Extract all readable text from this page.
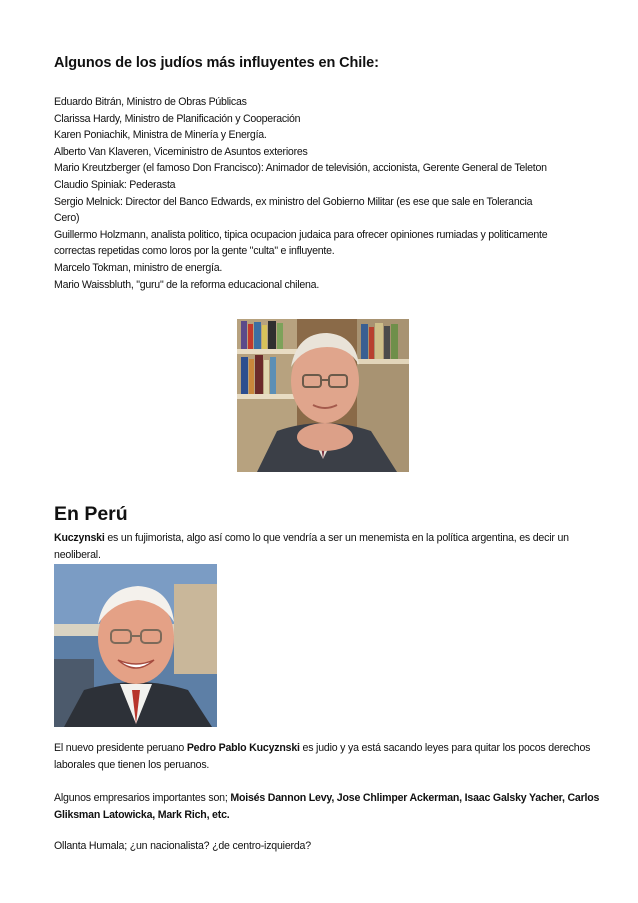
Algunos de los judíos más influyentes en Chile:
Eduardo Bitrán, Ministro de Obras Públicas
Clarissa Hardy, Ministro de Planificación y Cooperación
Karen Poniachik, Ministra de Minería y Energía.
Alberto Van Klaveren, Viceministro de Asuntos exteriores
Mario Kreutzberger (el famoso Don Francisco): Animador de televisión, accionista, Gerente General de Teleton
Claudio Spiniak: Pederasta
Sergio Melnick: Director del Banco Edwards, ex ministro del Gobierno Militar (es ese que sale en Tolerancia
Cero)
Guillermo Holzmann, analista politico, tipica ocupacion judaica para ofrecer opiniones rumiadas y politicamente
correctas repetidas como loros por la gente "culta" e influyente.
Marcelo Tokman, ministro de energía.
Mario Waissbluth, "guru" de la reforma educacional chilena.
En Perú
Kuczynski es un fujimorista, algo así como lo que vendría a ser un menemista en la política argentina, es decir un neoliberal.
El nuevo presidente peruano Pedro Pablo Kucyznski es judio y ya está sacando leyes para quitar los pocos derechos laborales que tienen los peruanos.
Algunos empresarios importantes son; Moisés Dannon Levy, Jose Chlimper Ackerman, Isaac Galsky Yacher, Carlos Gliksman Latowicka, Mark Rich, etc.
Ollanta Humala; ¿un nacionalista? ¿de centro-izquierda?
